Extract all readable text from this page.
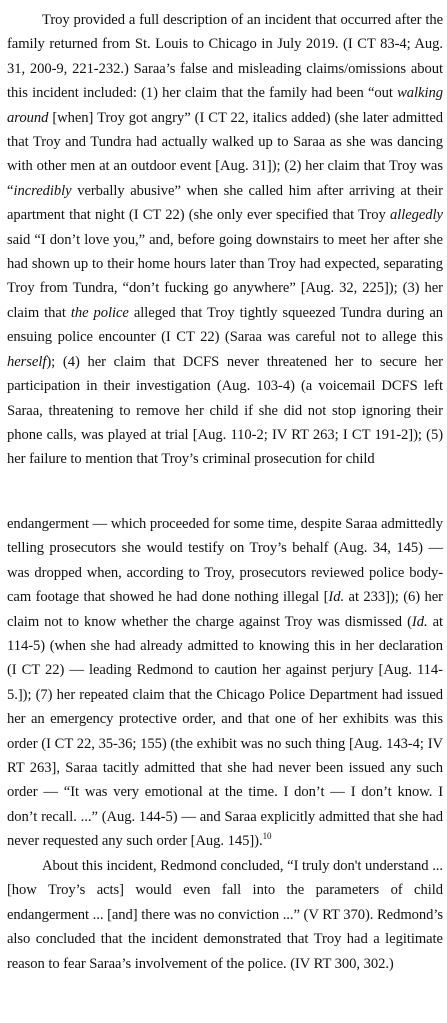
Troy provided a full description of an incident that occurred after the family returned from St. Louis to Chicago in July 2019. (I CT 83-4; Aug. 31, 200-9, 221-232.) Saraa’s false and misleading claims/omissions about this incident included: (1) her claim that the family had been “out walking around [when] Troy got angry” (I CT 22, italics added) (she later admitted that Troy and Tundra had actually walked up to Saraa as she was dancing with other men at an outdoor event [Aug. 31]); (2) her claim that Troy was “incredibly verbally abusive” when she called him after arriving at their apartment that night (I CT 22) (she only ever specified that Troy allegedly said “I don’t love you,” and, before going downstairs to meet her after she had shown up to their home hours later than Troy had expected, separating Troy from Tundra, “don’t fucking go anywhere” [Aug. 32, 225]); (3) her claim that the police alleged that Troy tightly squeezed Tundra during an ensuing police encounter (I CT 22) (Saraa was careful not to allege this herself); (4) her claim that DCFS never threatened her to secure her participation in their investigation (Aug. 103-4) (a voicemail DCFS left Saraa, threatening to remove her child if she did not stop ignoring their phone calls, was played at trial [Aug. 110-2; IV RT 263; I CT 191-2]); (5) her failure to mention that Troy’s criminal prosecution for child

endangerment — which proceeded for some time, despite Saraa admittedly telling prosecutors she would testify on Troy’s behalf (Aug. 34, 145) — was dropped when, according to Troy, prosecutors reviewed police body-cam footage that showed he had done nothing illegal [Id. at 233]); (6) her claim not to know whether the charge against Troy was dismissed (Id. at 114-5) (when she had already admitted to knowing this in her declaration (I CT 22) — leading Redmond to caution her against perjury [Aug. 114-5.]); (7) her repeated claim that the Chicago Police Department had issued her an emergency protective order, and that one of her exhibits was this order (I CT 22, 35-36; 155) (the exhibit was no such thing [Aug. 143-4; IV RT 263], Saraa tacitly admitted that she had never been issued any such order — “It was very emotional at the time. I don’t — I don’t know. I don’t recall. ...” (Aug. 144-5) — and Saraa explicitly admitted that she had never requested any such order [Aug. 145]).$^{10}$

About this incident, Redmond concluded, “I truly don't understand ... [how Troy’s acts] would even fall into the parameters of child endangerment ... [and] there was no conviction ...” (V RT 370). Redmond’s also concluded that the incident demonstrated that Troy had a legitimate reason to fear Saraa’s involvement of the police. (IV RT 300, 302.)
